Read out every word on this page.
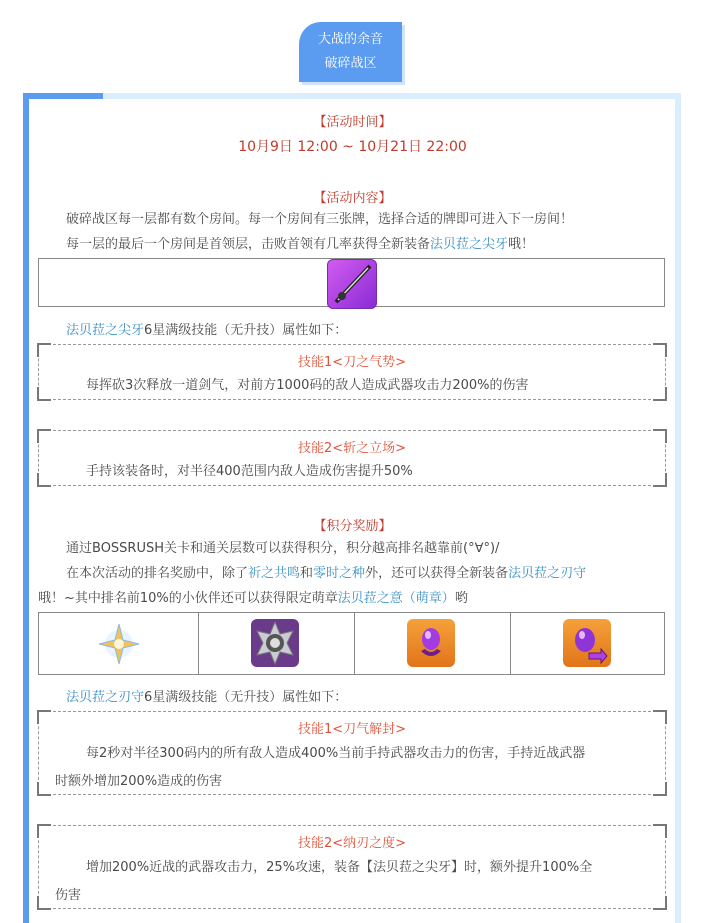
大战的余音
破碎战区
【活动时间】
10月9日 12:00 ~ 10月21日 22:00
【活动内容】
破碎战区每一层都有数个房间。每一个房间有三张牌，选择合适的牌即可进入下一房间！
每一层的最后一个房间是首领层，击败首领有几率获得全新装备法贝菈之尖牙哦！
法贝菈之尖牙6星满级技能（无升技）属性如下：
技能1<刀之气势>
每挥砍3次释放一道剑气，对前方1000码的敌人造成武器攻击力200%的伤害
技能2<斩之立场>
手持该装备时，对半径400范围内敌人造成伤害提升50%
【积分奖励】
通过BOSSRUSH关卡和通关层数可以获得积分，积分越高排名越靠前(°∀°)/
在本次活动的排名奖励中，除了祈之共鸣和零时之种外，还可以获得全新装备法贝菈之刃守
哦！~其中排名前10%的小伙伴还可以获得限定萌章法贝菈之意（萌章）哟
法贝菈之刃守6星满级技能（无升技）属性如下：
技能1<刀气解封>
每2秒对半径300码内的所有敌人造成400%当前手持武器攻击力的伤害，手持近战武器
时额外增加200%造成的伤害
技能2<纳刃之度>
增加200%近战的武器攻击力，25%攻速，装备【法贝菈之尖牙】时，额外提升100%全
伤害
